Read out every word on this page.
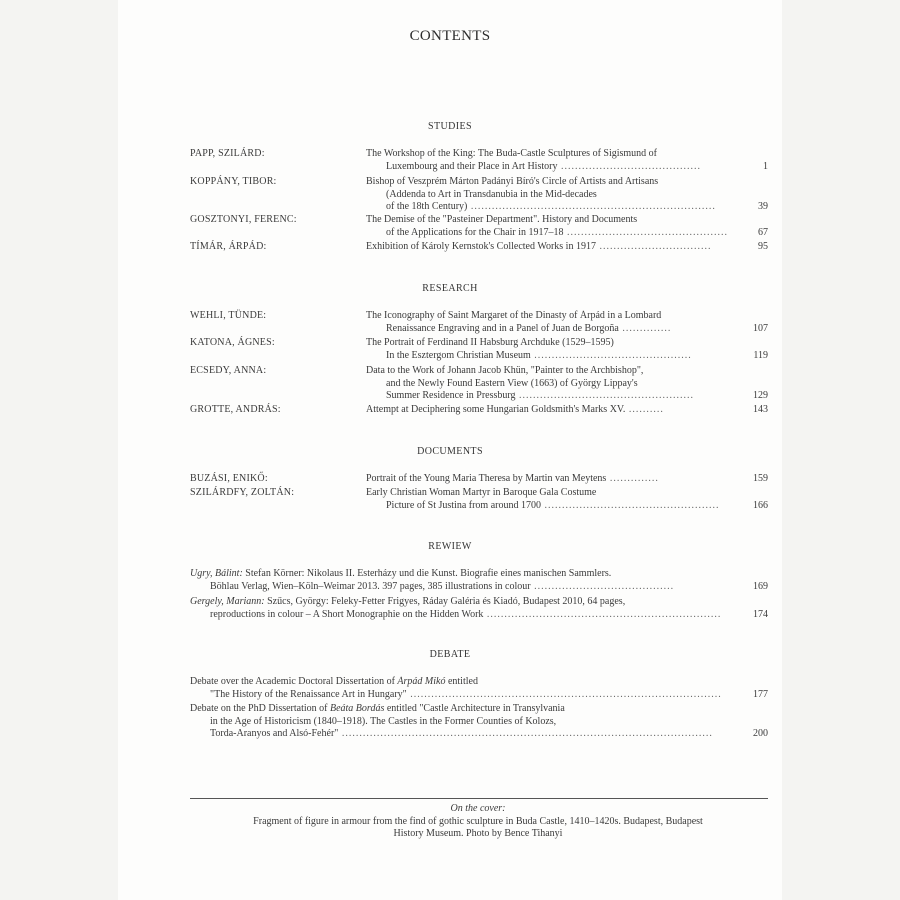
CONTENTS
STUDIES
PAPP, SZILÁRD:	The Workshop of the King: The Buda-Castle Sculptures of Sigismund of
Luxembourg and their Place in Art History ........................................	1
KOPPÁNY, TIBOR:	Bishop of Veszprém Márton Padányi Bíró's Circle of Artists and Artisans
(Addenda to Art in Transdanubia in the Mid-decades
of the 18th Century) ......................................................................	39
GOSZTONYI, FERENC:	The Demise of the "Pasteiner Department". History and Documents
of the Applications for the Chair in 1917–18 ..............................................	67
TÍMÁR, ÁRPÁD:	Exhibition of Károly Kernstok's Collected Works in 1917 ................................	95
RESEARCH
WEHLI, TÜNDE:	The Iconography of Saint Margaret of the Dinasty of Árpád in a Lombard
Renaissance Engraving and in a Panel of Juan de Borgoña ..............	107
KATONA, ÁGNES:	The Portrait of Ferdinand II Habsburg Archduke (1529–1595)
In the Esztergom Christian Museum .............................................	119
ECSEDY, ANNA:	Data to the Work of Johann Jacob Khün, "Painter to the Archbishop",
and the Newly Found Eastern View (1663) of György Lippay's
Summer Residence in Pressburg ..................................................	129
GROTTE, ANDRÁS:	Attempt at Deciphering some Hungarian Goldsmith's Marks XV. ..........	143
DOCUMENTS
BUZÁSI, ENIKŐ:	Portrait of the Young Maria Theresa by Martin van Meytens ..............	159
SZILÁRDFY, ZOLTÁN:	Early Christian Woman Martyr in Baroque Gala Costume
Picture of St Justina from around 1700 ..................................................	166
REWIEW
Ugry, Bálint: Stefan Körner: Nikolaus II. Esterházy und die Kunst. Biografie eines manischen Sammlers.
Böhlau Verlag, Wien–Köln–Weimar 2013. 397 pages, 385 illustrations in colour ........................................	169
Gergely, Mariann: Szűcs, György: Feleky-Fetter Frigyes, Ráday Galéria és Kiadó, Budapest 2010, 64 pages,
reproductions in colour – A Short Monographie on the Hidden Work ...................................................................	174
DEBATE
Debate over the Academic Doctoral Dissertation of Árpád Mikó entitled
"The History of the Renaissance Art in Hungary" .........................................................................................	177
Debate on the PhD Dissertation of Beáta Bordás entitled "Castle Architecture in Transylvania
in the Age of Historicism (1840–1918). The Castles in the Former Counties of Kolozs,
Torda-Aranyos and Alsó-Fehér" ..........................................................................................................	200
On the cover:
Fragment of figure in armour from the find of gothic sculpture in Buda Castle, 1410–1420s. Budapest, Budapest
History Museum. Photo by Bence Tihanyi
